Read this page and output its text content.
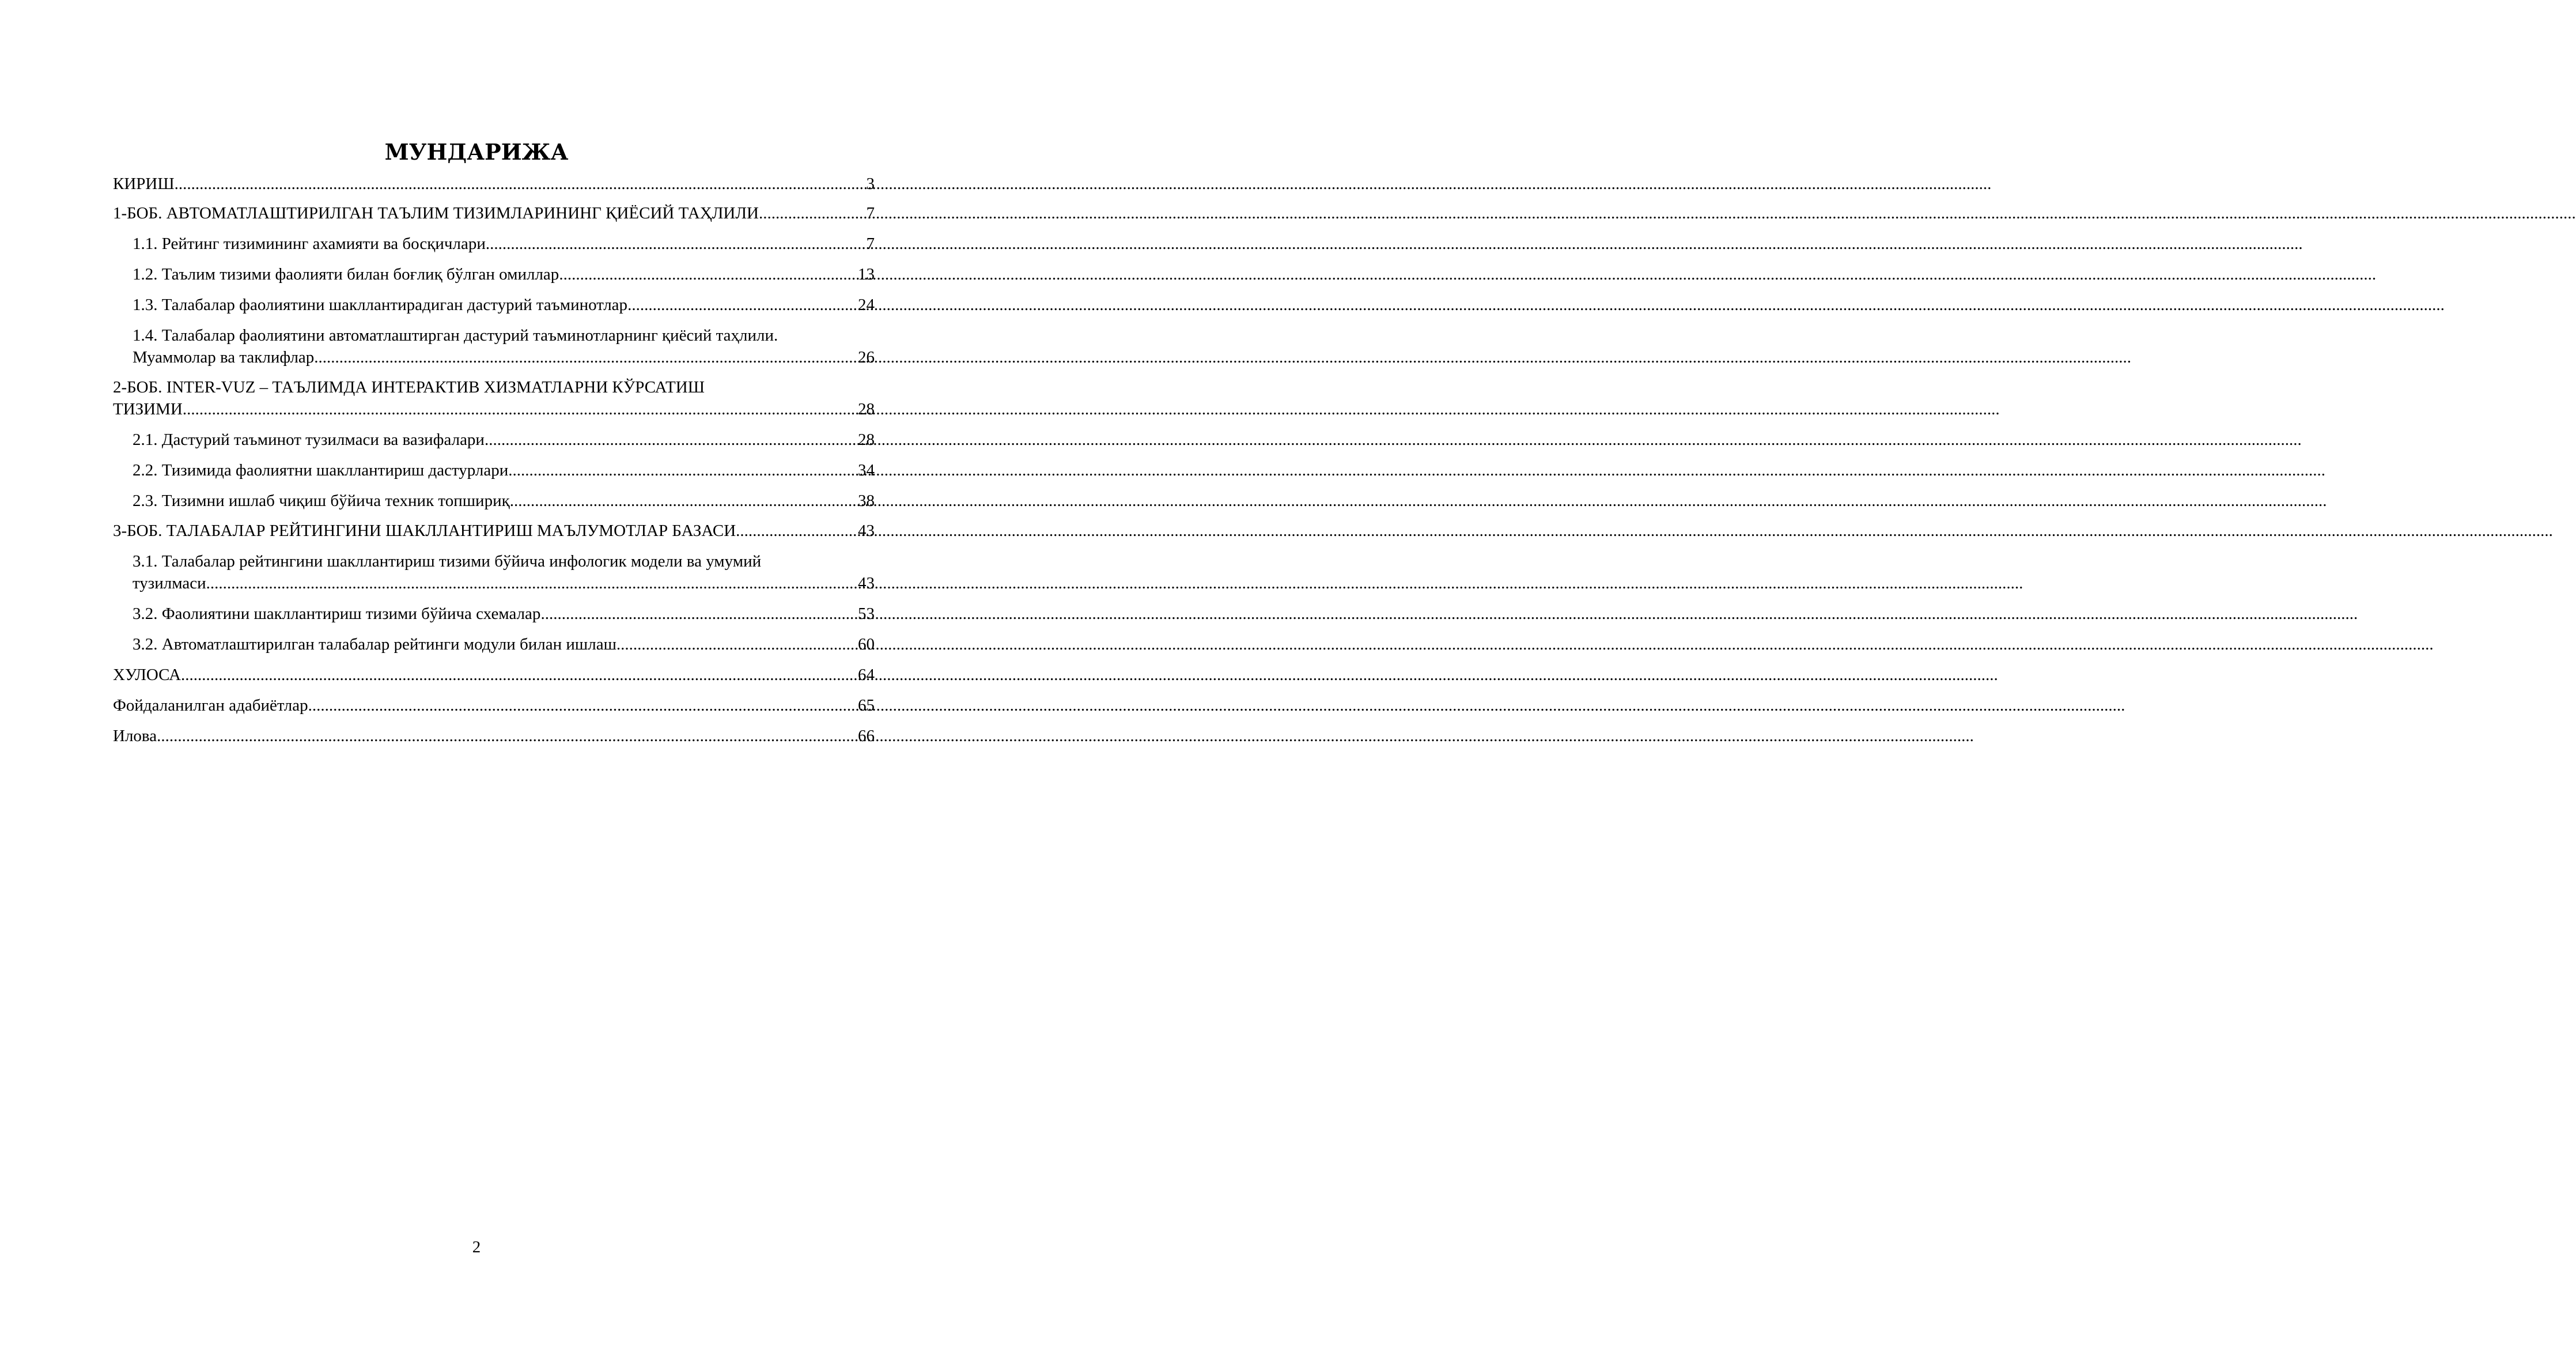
МУНДАРИЖА
КИРИШ .....	3
1-БОБ. АВТОМАТЛАШТИРИЛГАН ТАЪЛИМ ТИЗИМЛАРИНИНГ ҚИЁСИЙ ТАҲЛИЛИ .....	7
1.1. Рейтинг тизимининг ахамияти ва босқичлари .....	7
1.2. Таълим тизими фаолияти билан боғлиқ бўлган омиллар .....	13
1.3. Талабалар фаолиятини шакллантирадиган дастурий таъминотлар .....	24
1.4. Талабалар фаолиятини автоматлаштирган дастурий таъминотларнинг қиёсий таҳлили.
Муаммолар ва таклифлар .....	26
2-БОБ. INTER-VUZ – ТАЪЛИМДА ИНТЕРАКТИВ ХИЗМАТЛАРНИ КЎРСАТИШ
ТИЗИМИ .....	28
2.1. Дастурий таъминот тузилмаси ва вазифалари .....	28
2.2. Тизимида фаолиятни шакллантириш дастурлари .....	34
2.3. Тизимни ишлаб чиқиш бўйича техник топшириқ .....	38
3-БОБ. ТАЛАБАЛАР РЕЙТИНГИНИ ШАКЛЛАНТИРИШ МАЪЛУМОТЛАР БАЗАСИ .....	43
3.1. Талабалар рейтингини шакллантириш тизими бўйича инфологик модели ва умумий
тузилмаси .....	43
3.2. Фаолиятини шакллантириш тизими бўйича схемалар .....	53
3.2. Автоматлаштирилган талабалар рейтинги модули билан ишлаш .....	60
ХУЛОСА .....	64
Фойдаланилган адабиётлар .....	65
Илова .....	66
2
